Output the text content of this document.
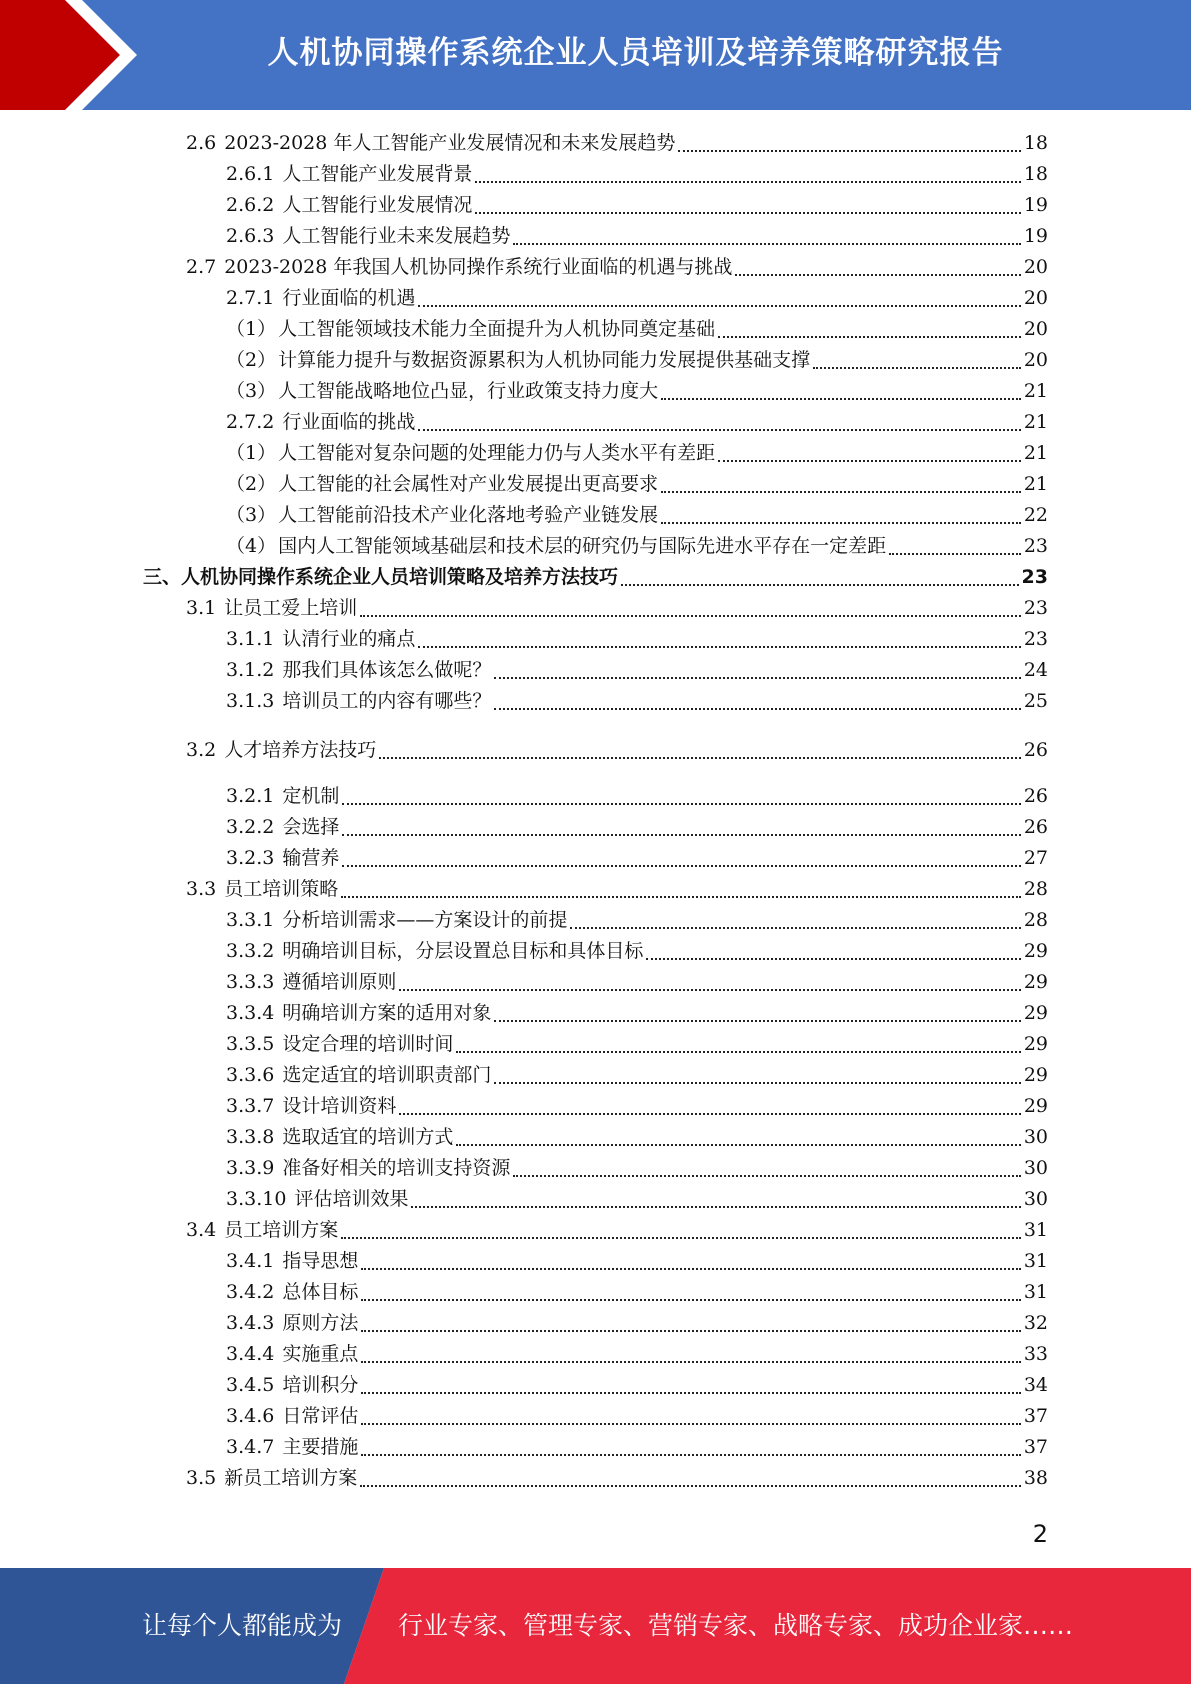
人机协同操作系统企业人员培训及培养策略研究报告
2.6 2023-2028 年人工智能产业发展情况和未来发展趋势	18
2.6.1 人工智能产业发展背景	18
2.6.2 人工智能行业发展情况	19
2.6.3 人工智能行业未来发展趋势	19
2.7 2023-2028 年我国人机协同操作系统行业面临的机遇与挑战	20
2.7.1 行业面临的机遇	20
（1） 人工智能领域技术能力全面提升为人机协同奠定基础	20
（2） 计算能力提升与数据资源累积为人机协同能力发展提供基础支撑	20
（3） 人工智能战略地位凸显，行业政策支持力度大	21
2.7.2 行业面临的挑战	21
（1） 人工智能对复杂问题的处理能力仍与人类水平有差距	21
（2） 人工智能的社会属性对产业发展提出更高要求	21
（3） 人工智能前沿技术产业化落地考验产业链发展	22
（4） 国内人工智能领域基础层和技术层的研究仍与国际先进水平存在一定差距	23
三、 人机协同操作系统企业人员培训策略及培养方法技巧	23
3.1 让员工爱上培训	23
3.1.1 认清行业的痛点	23
3.1.2 那我们具体该怎么做呢？	24
3.1.3 培训员工的内容有哪些？	25
3.2 人才培养方法技巧	26
3.2.1 定机制	26
3.2.2 会选择	26
3.2.3 输营养	27
3.3 员工培训策略	28
3.3.1 分析培训需求——方案设计的前提	28
3.3.2 明确培训目标，分层设置总目标和具体目标	29
3.3.3 遵循培训原则	29
3.3.4 明确培训方案的适用对象	29
3.3.5 设定合理的培训时间	29
3.3.6 选定适宜的培训职责部门	29
3.3.7 设计培训资料	29
3.3.8 选取适宜的培训方式	30
3.3.9 准备好相关的培训支持资源	30
3.3.10 评估培训效果	30
3.4 员工培训方案	31
3.4.1 指导思想	31
3.4.2 总体目标	31
3.4.3 原则方法	32
3.4.4 实施重点	33
3.4.5 培训积分	34
3.4.6 日常评估	37
3.4.7 主要措施	37
3.5 新员工培训方案	38
2
让每个人都能成为 行业专家、管理专家、营销专家、战略专家、成功企业家……
